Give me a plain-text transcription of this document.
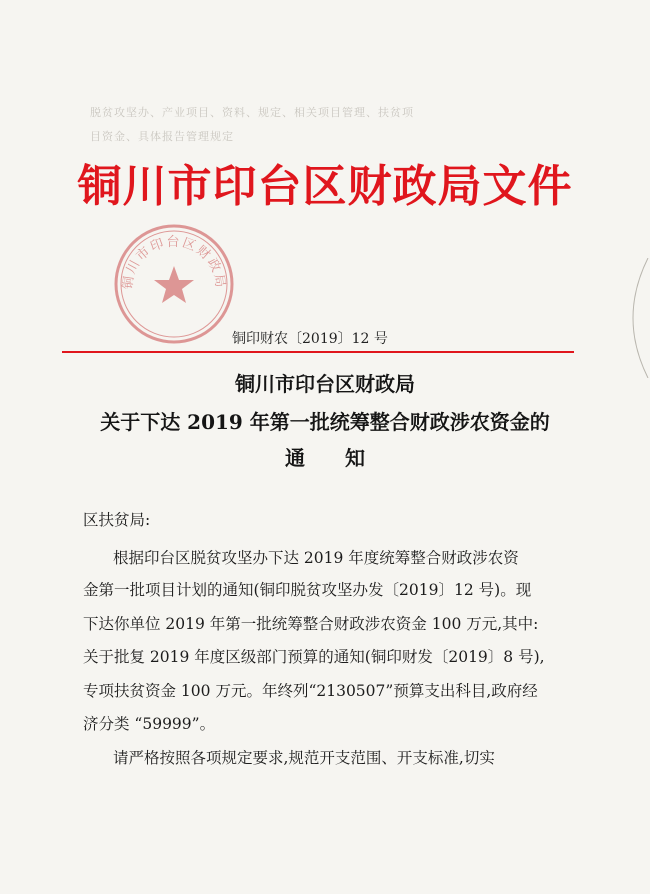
脱贫攻坚办、产业项目、资料、规定、相关项目管理、扶贫项
目资金、具体报告管理规定
铜川市印台区财政局文件
铜川市印台区财政局
铜印财农〔2019〕12 号
铜川市印台区财政局
关于下达 2019 年第一批统筹整合财政涉农资金的
通知
区扶贫局:
根据印台区脱贫攻坚办下达 2019 年度统筹整合财政涉农资
金第一批项目计划的通知(铜印脱贫攻坚办发〔2019〕12 号)。现
下达你单位 2019 年第一批统筹整合财政涉农资金 100 万元,其中:
关于批复 2019 年度区级部门预算的通知(铜印财发〔2019〕8 号),
专项扶贫资金 100 万元。年终列“2130507”预算支出科目,政府经
济分类 “59999”。
请严格按照各项规定要求,规范开支范围、开支标准,切实
